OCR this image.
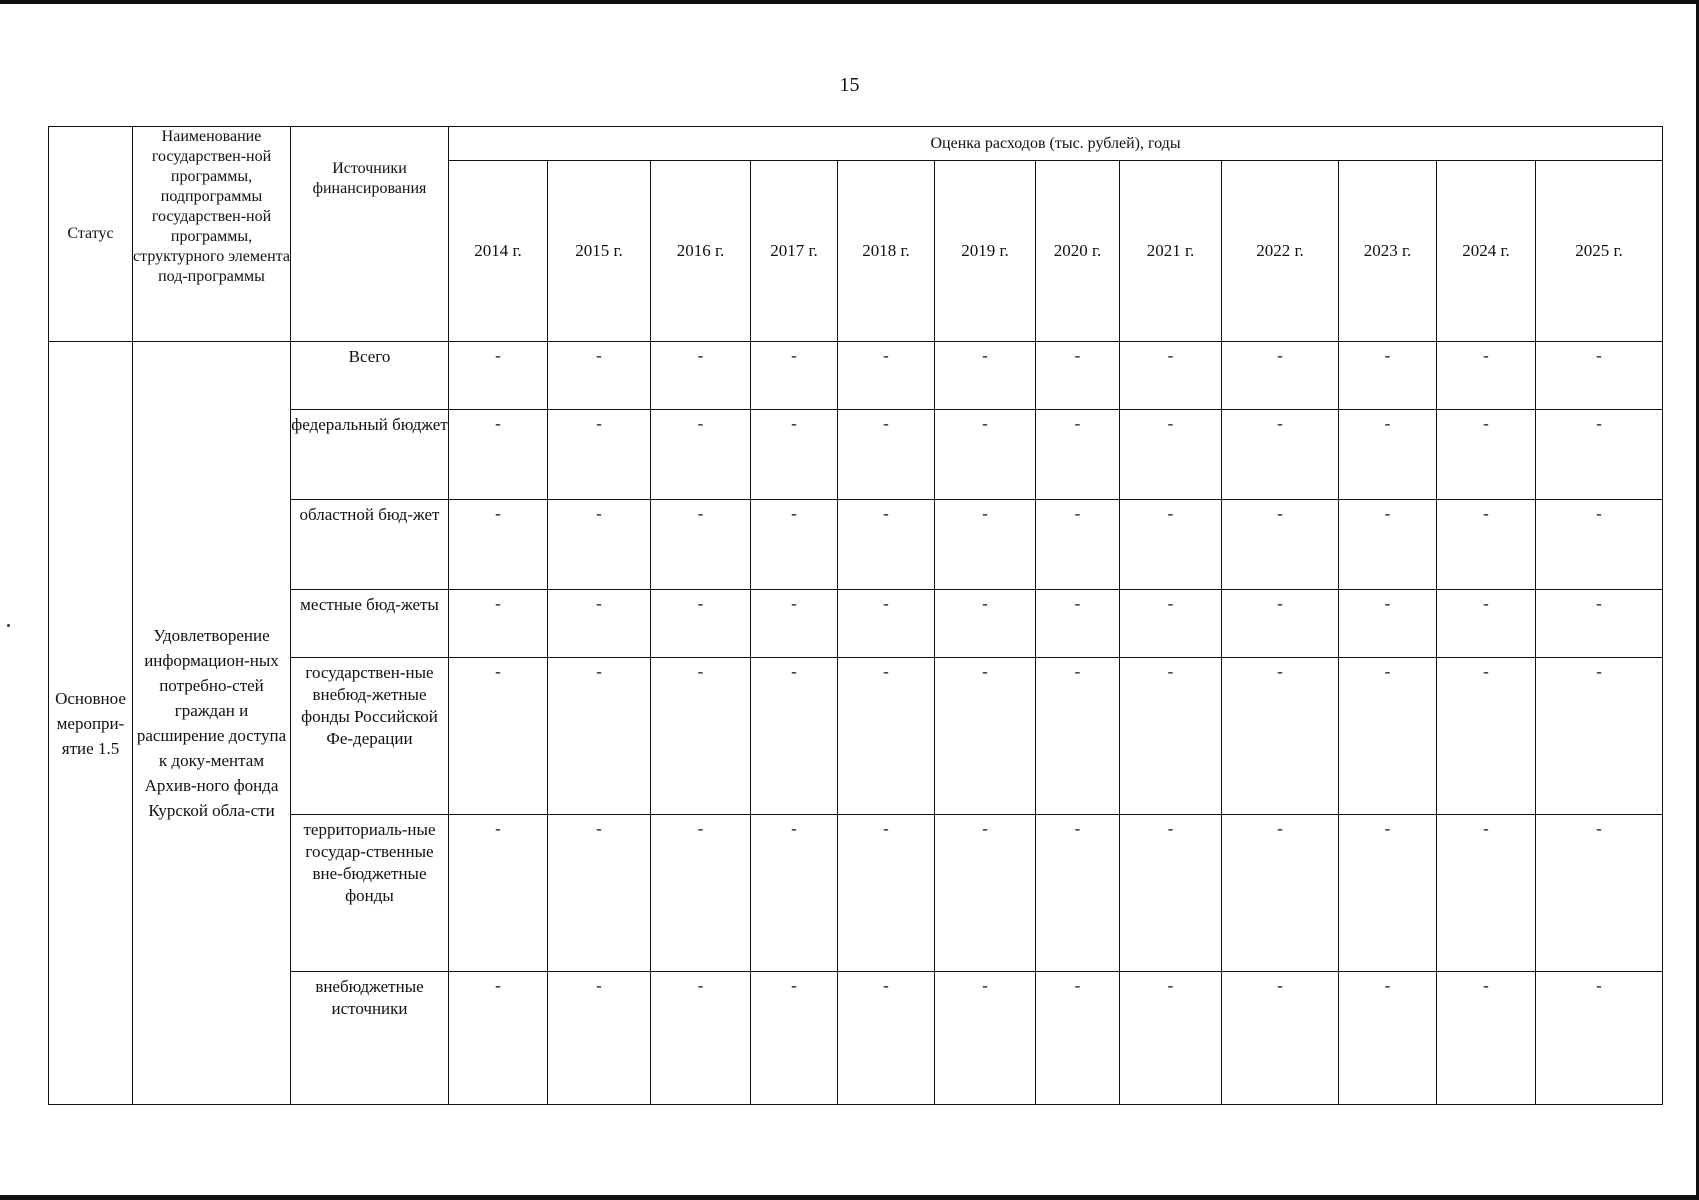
15
Статус	Наименование государствен-ной программы, подпрограммы государствен-ной программы, структурного элемента под-программы	Источники финансирования	Оценка расходов (тыс. рублей), годы											
			2014 г.	2015 г.	2016 г.	2017 г.	2018 г.	2019 г.	2020 г.	2021 г.	2022 г.	2023 г.	2024 г.	2025 г.
Основное меропри-ятие 1.5	Удовлетворение информацион-ных потребно-стей граждан и расширение доступа к доку-ментам Архив-ного фонда Курской обла-сти	Всего	-	-	-	-	-	-	-	-	-	-	-	-
		федеральный бюджет	-	-	-	-	-	-	-	-	-	-	-	-
		областной бюд-жет	-	-	-	-	-	-	-	-	-	-	-	-
		местные бюд-жеты	-	-	-	-	-	-	-	-	-	-	-	-
		государствен-ные внебюд-жетные фонды Российской Фе-дерации	-	-	-	-	-	-	-	-	-	-	-	-
		территориаль-ные государ-ственные вне-бюджетные фонды	-	-	-	-	-	-	-	-	-	-	-	-
		внебюджетные источники	-	-	-	-	-	-	-	-	-	-	-	-
